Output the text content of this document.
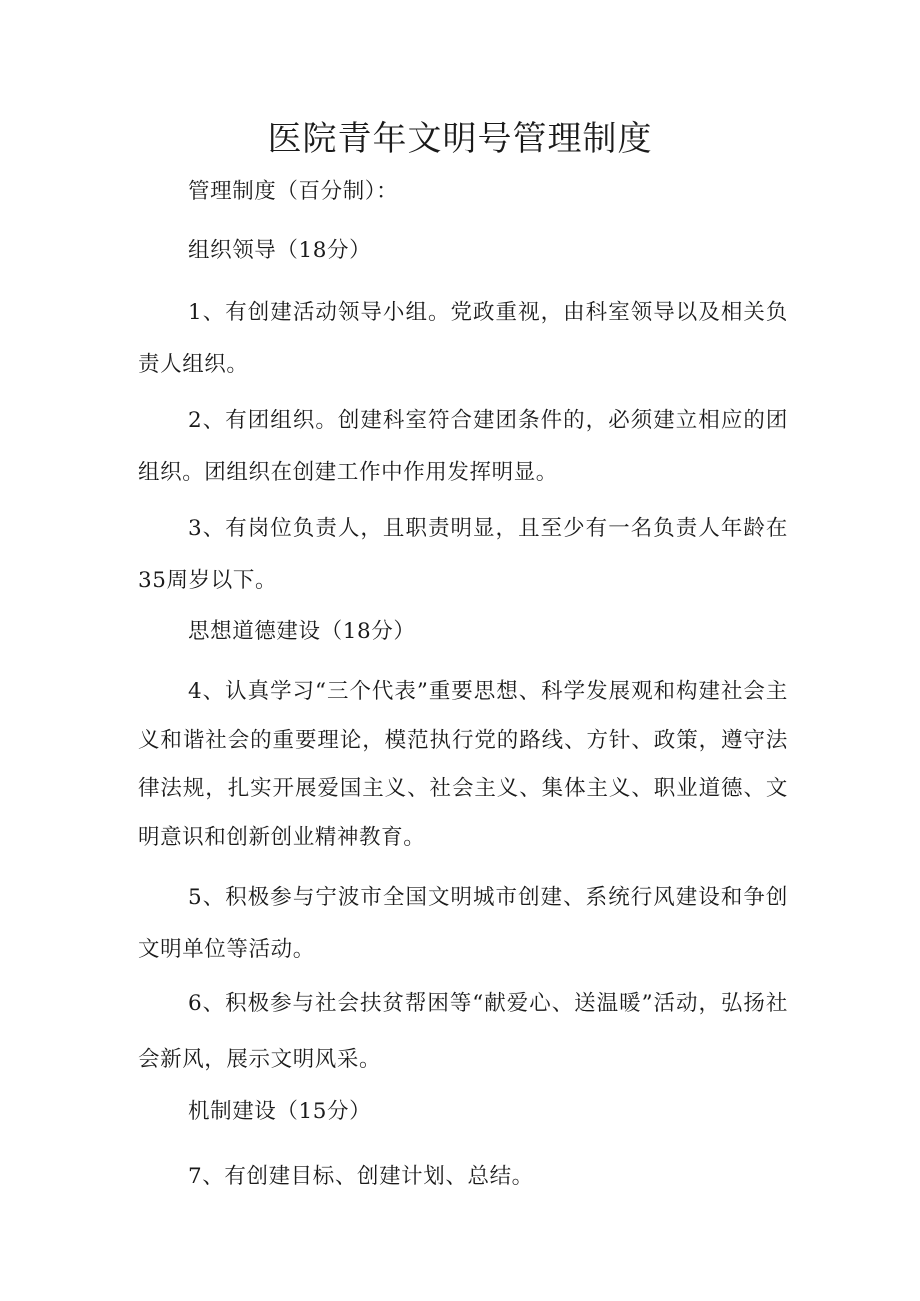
医院青年文明号管理制度

管理制度（百分制）：

组织领导（18分）

1、有创建活动领导小组。党政重视，由科室领导以及相关负责人组织。

2、有团组织。创建科室符合建团条件的，必须建立相应的团组织。团组织在创建工作中作用发挥明显。

3、有岗位负责人，且职责明显，且至少有一名负责人年龄在35周岁以下。

思想道德建设（18分）

4、认真学习“三个代表”重要思想、科学发展观和构建社会主义和谐社会的重要理论，模范执行党的路线、方针、政策，遵守法律法规，扎实开展爱国主义、社会主义、集体主义、职业道德、文明意识和创新创业精神教育。

5、积极参与宁波市全国文明城市创建、系统行风建设和争创文明单位等活动。

6、积极参与社会扶贫帮困等“献爱心、送温暖”活动，弘扬社会新风，展示文明风采。

机制建设（15分）

7、有创建目标、创建计划、总结。
